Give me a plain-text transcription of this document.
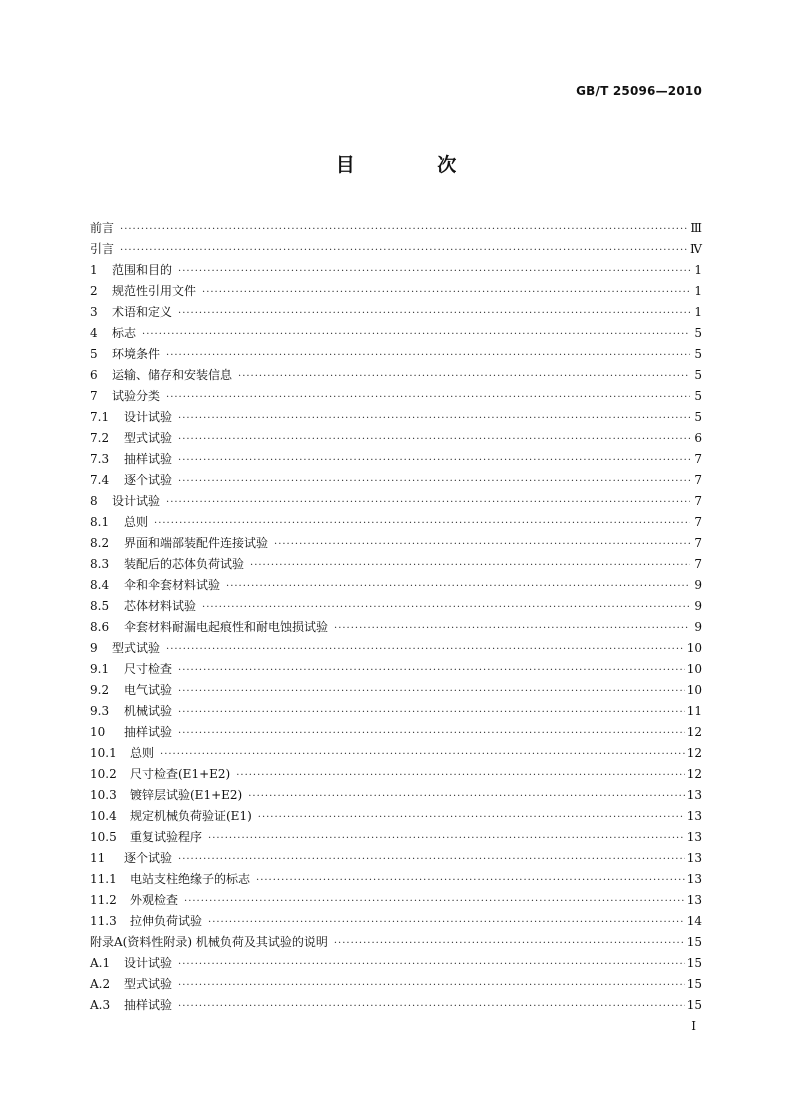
GB/T 25096—2010
目 次
前言 ·····	Ⅲ
引言 ·····	Ⅳ
1	范围和目的 ·····	1
2	规范性引用文件 ·····	1
3	术语和定义 ·····	1
4	标志 ·····	5
5	环境条件 ·····	5
6	运输、储存和安装信息 ·····	5
7	试验分类 ·····	5
7.1	设计试验 ·····	5
7.2	型式试验 ·····	6
7.3	抽样试验 ·····	7
7.4	逐个试验 ·····	7
8	设计试验 ·····	7
8.1	总则 ·····	7
8.2	界面和端部装配件连接试验 ·····	7
8.3	装配后的芯体负荷试验 ·····	7
8.4	伞和伞套材料试验 ·····	9
8.5	芯体材料试验 ·····	9
8.6	伞套材料耐漏电起痕性和耐电蚀损试验 ·····	9
9	型式试验 ·····	10
9.1	尺寸检查 ·····	10
9.2	电气试验 ·····	10
9.3	机械试验 ·····	11
10	抽样试验 ·····	12
10.1	总则 ·····	12
10.2	尺寸检查(E1+E2) ·····	12
10.3	镀锌层试验(E1+E2) ·····	13
10.4	规定机械负荷验证(E1) ·····	13
10.5	重复试验程序 ·····	13
11	逐个试验 ·····	13
11.1	电站支柱绝缘子的标志 ·····	13
11.2	外观检查 ·····	13
11.3	拉伸负荷试验 ·····	14
附录A(资料性附录) 机械负荷及其试验的说明 ·····	15
A.1	设计试验 ·····	15
A.2	型式试验 ·····	15
A.3	抽样试验 ·····	15
I
